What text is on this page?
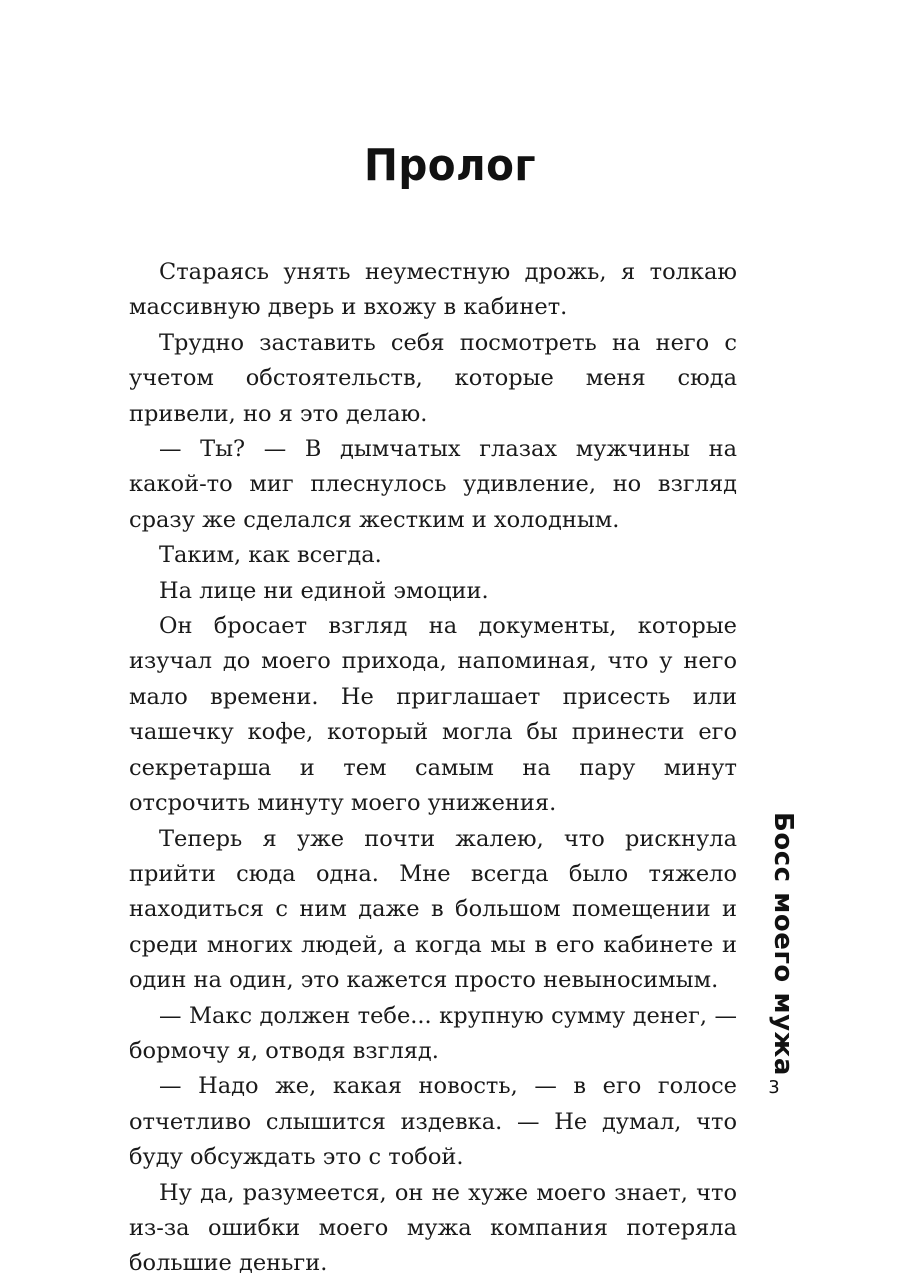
Пролог

Стараясь унять неуместную дрожь, я толкаю массивную дверь и вхожу в кабинет.

Трудно заставить себя посмотреть на него с учетом обстоятельств, которые меня сюда привели, но я это делаю.

— Ты? — В дымчатых глазах мужчины на какой-то миг плеснулось удивление, но взгляд сразу же сделался жестким и холодным.

Таким, как всегда.

На лице ни единой эмоции.

Он бросает взгляд на документы, которые изучал до моего прихода, напоминая, что у него мало времени. Не приглашает присесть или чашечку кофе, который могла бы принести его секретарша и тем самым на пару минут отсрочить минуту моего унижения.

Теперь я уже почти жалею, что рискнула прийти сюда одна. Мне всегда было тяжело находиться с ним даже в большом помещении и среди многих людей, а когда мы в его кабинете и один на один, это кажется просто невыносимым.

— Макс должен тебе... крупную сумму денег, — бормочу я, отводя взгляд.

— Надо же, какая новость, — в его голосе отчетливо слышится издевка. — Не думал, что буду обсуждать это с тобой.

Ну да, разумеется, он не хуже моего знает, что из-за ошибки моего мужа компания потеряла большие деньги.

Босс моего мужа
3
